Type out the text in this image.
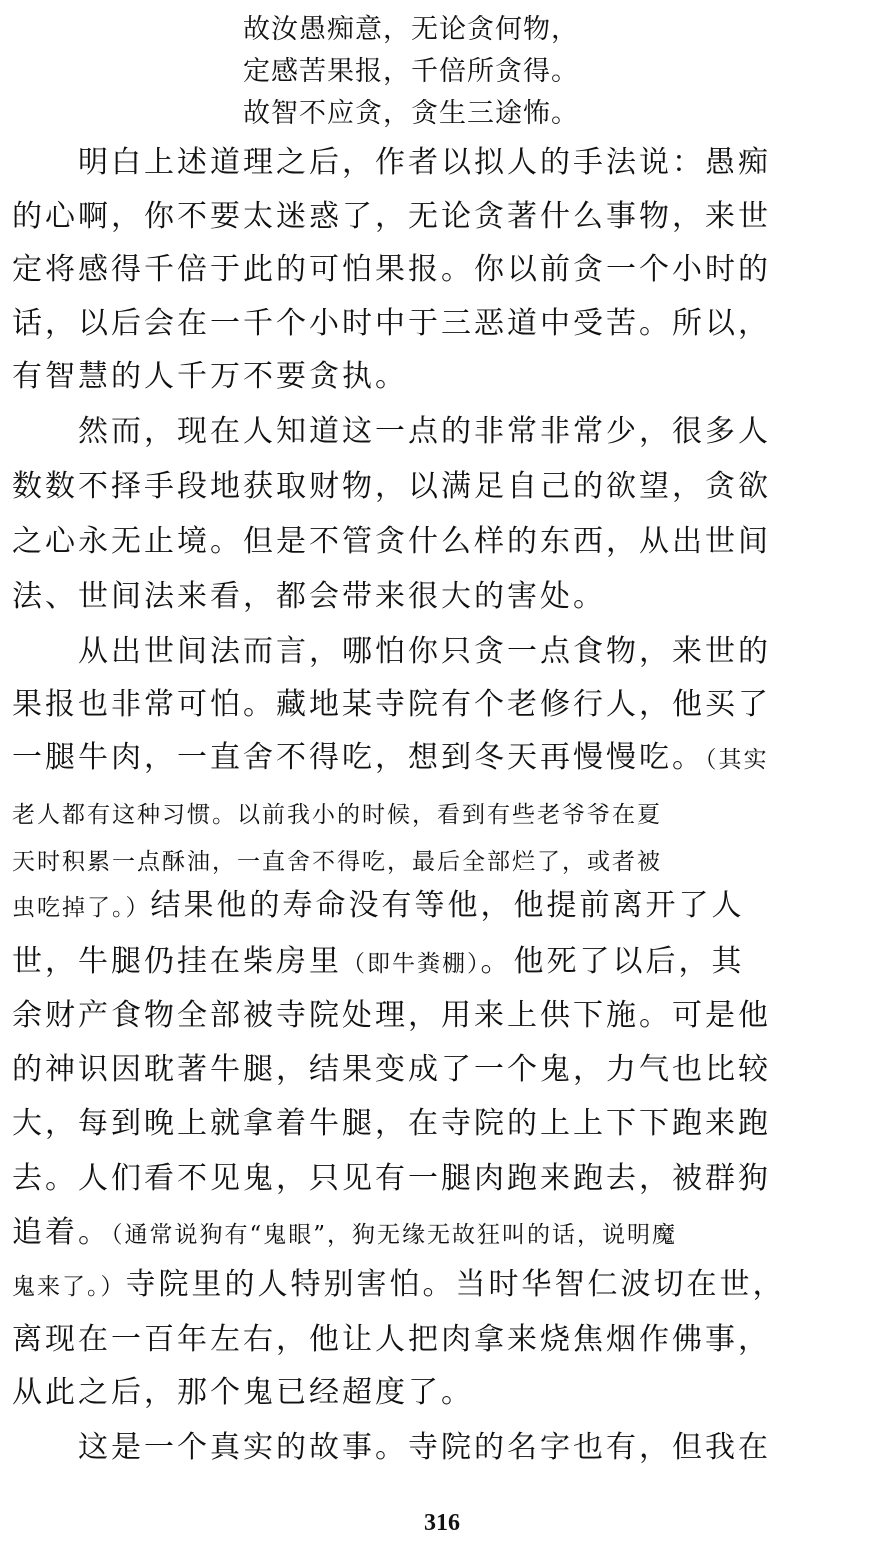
故汝愚痴意，无论贪何物，
定感苦果报，千倍所贪得。
故智不应贪，贪生三途怖。
　　明白上述道理之后，作者以拟人的手法说：愚痴
的心啊，你不要太迷惑了，无论贪著什么事物，来世
定将感得千倍于此的可怕果报。你以前贪一个小时的
话，以后会在一千个小时中于三恶道中受苦。所以，
有智慧的人千万不要贪执。
　　然而，现在人知道这一点的非常非常少，很多人
数数不择手段地获取财物，以满足自己的欲望，贪欲
之心永无止境。但是不管贪什么样的东西，从出世间
法、世间法来看，都会带来很大的害处。
　　从出世间法而言，哪怕你只贪一点食物，来世的
果报也非常可怕。藏地某寺院有个老修行人，他买了
一腿牛肉，一直舍不得吃，想到冬天再慢慢吃。（其实
老人都有这种习惯。以前我小的时候，看到有些老爷爷在夏
天时积累一点酥油，一直舍不得吃，最后全部烂了，或者被
虫吃掉了。）结果他的寿命没有等他，他提前离开了人
世，牛腿仍挂在柴房里（即牛粪棚）。他死了以后，其
余财产食物全部被寺院处理，用来上供下施。可是他
的神识因耽著牛腿，结果变成了一个鬼，力气也比较
大，每到晚上就拿着牛腿，在寺院的上上下下跑来跑
去。人们看不见鬼，只见有一腿肉跑来跑去，被群狗
追着。（通常说狗有“鬼眼”，狗无缘无故狂叫的话，说明魔
鬼来了。）寺院里的人特别害怕。当时华智仁波切在世，
离现在一百年左右，他让人把肉拿来烧焦烟作佛事，
从此之后，那个鬼已经超度了。
　　这是一个真实的故事。寺院的名字也有，但我在
316
